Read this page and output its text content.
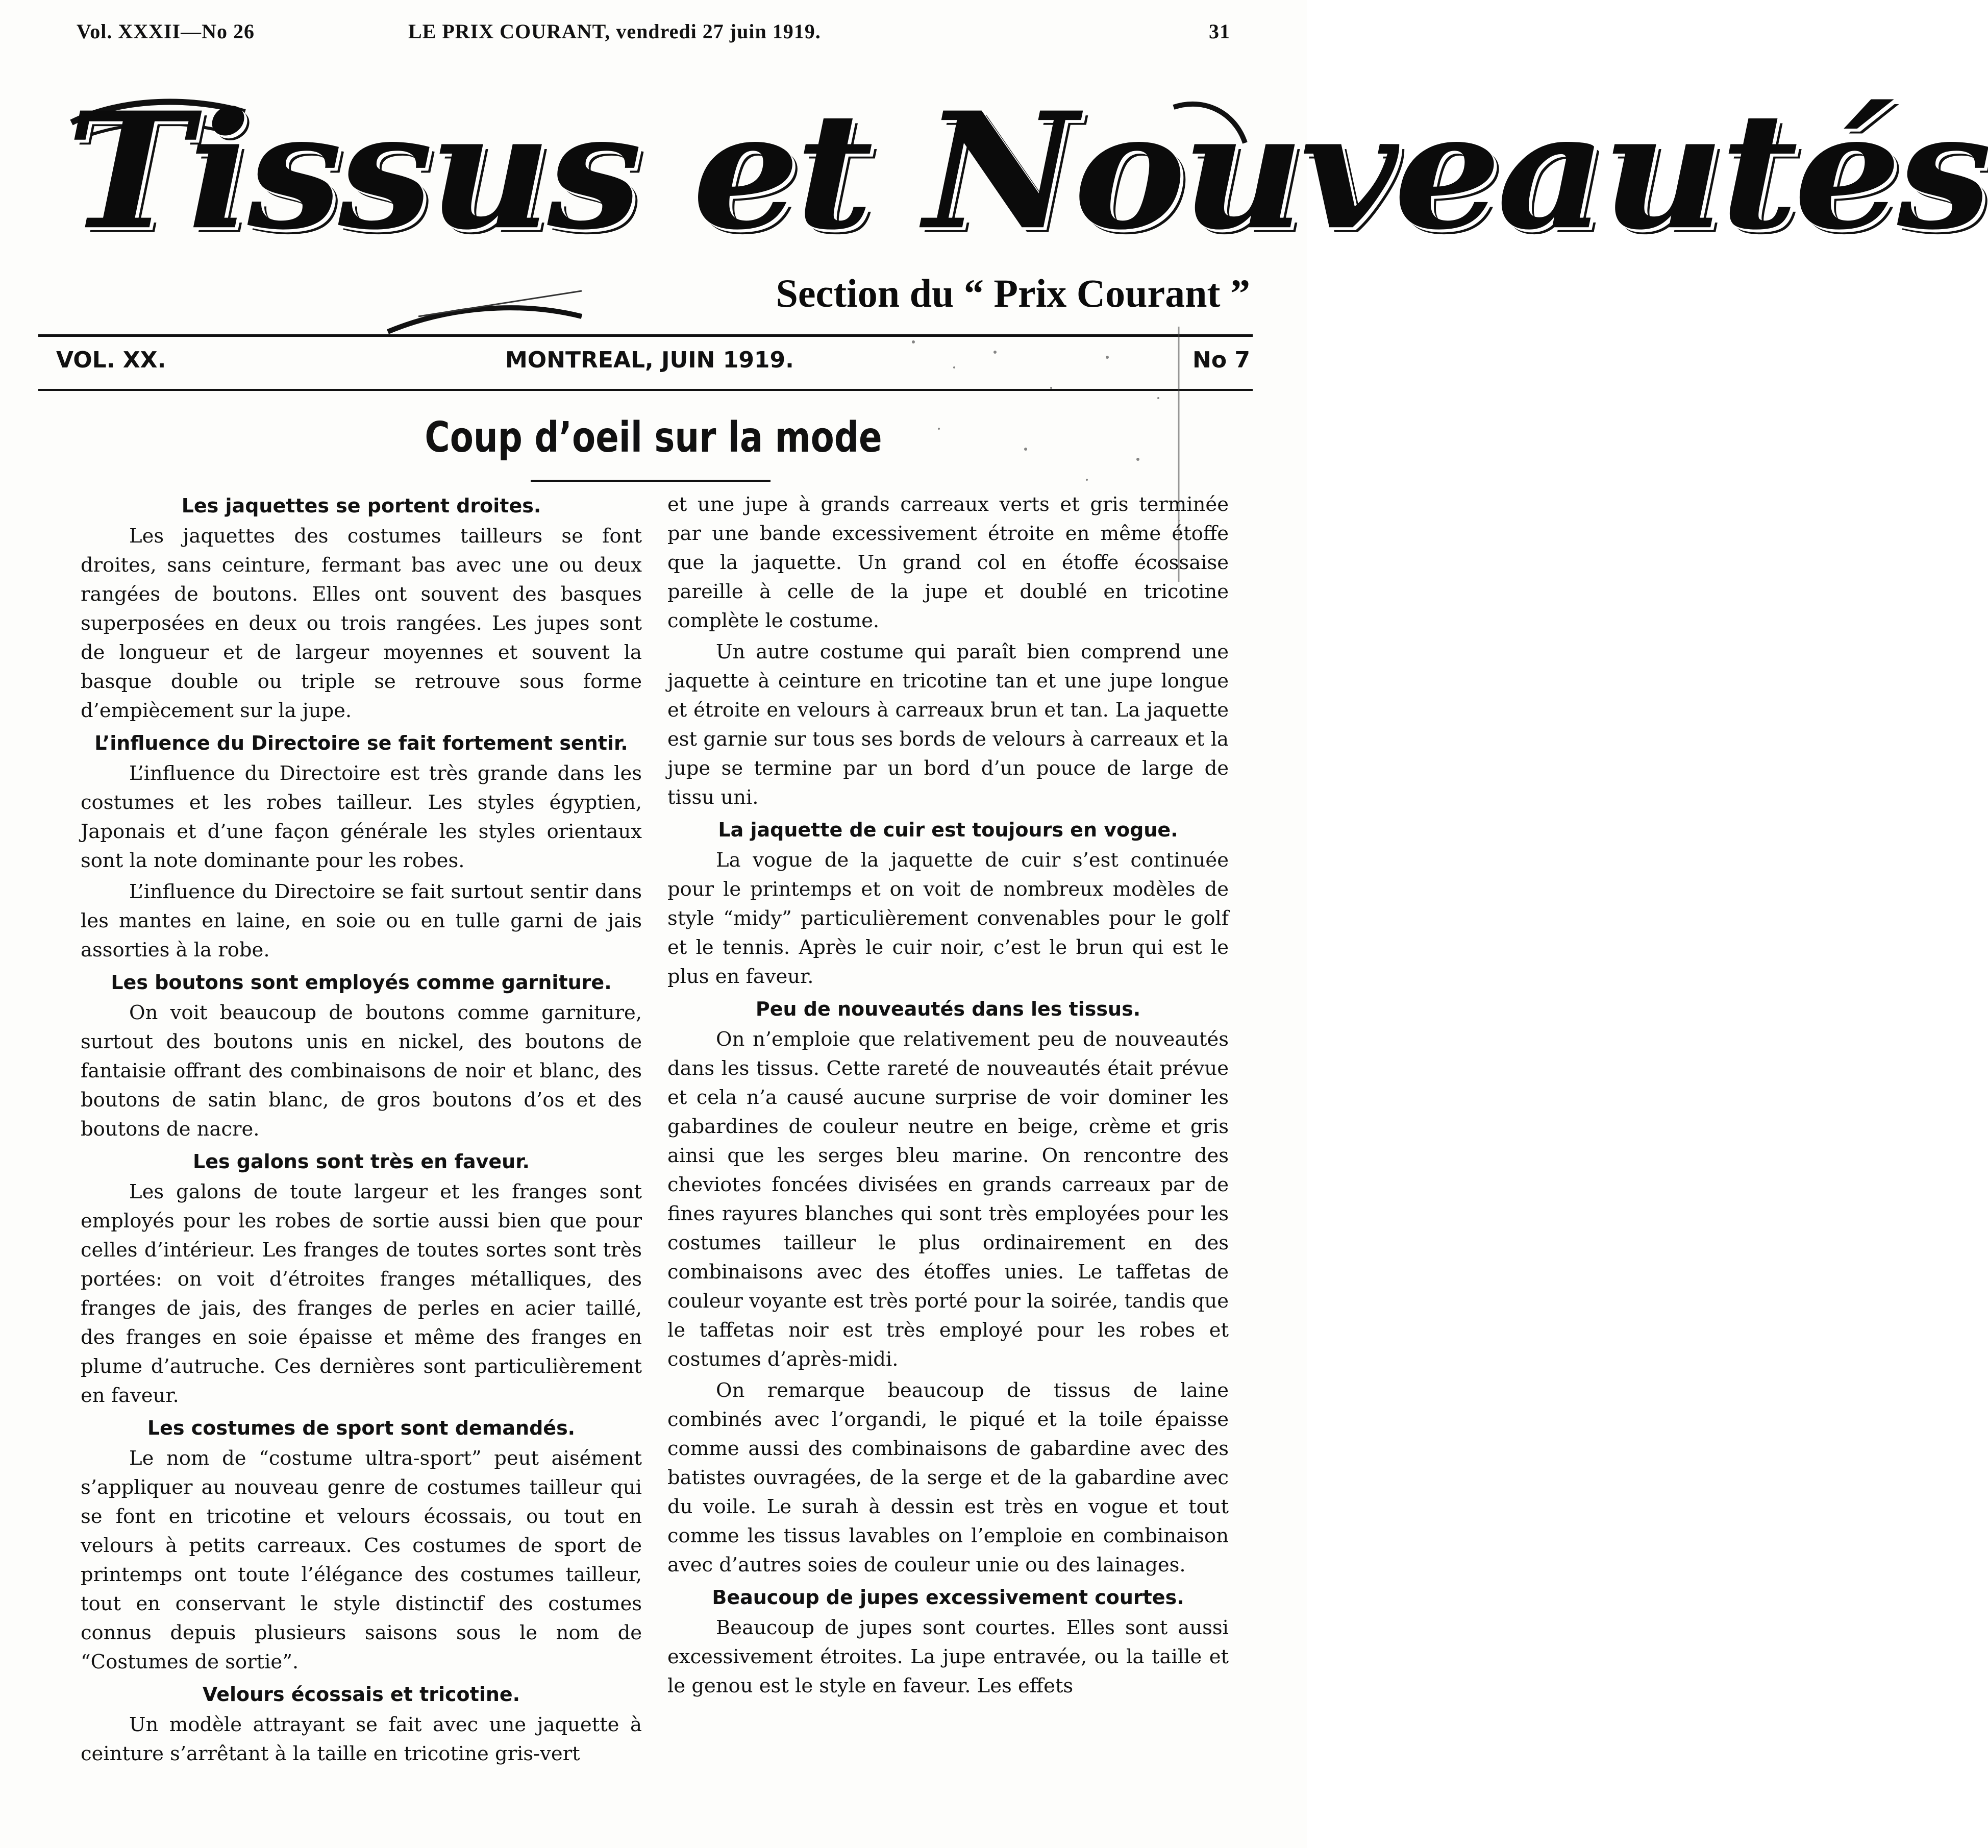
Vol. XXXII—No 26	LE PRIX COURANT, vendredi 27 juin 1919.	31
Tissus et Nouveautés
Section du “ Prix Courant ”
VOL. XX.	MONTREAL, JUIN 1919.	No 7
Coup d’oeil sur la mode
Les jaquettes se portent droites.

Les jaquettes des costumes tailleurs se font droites, sans ceinture, fermant bas avec une ou deux rangées de boutons. Elles ont souvent des basques superposées en deux ou trois rangées. Les jupes sont de longueur et de largeur moyennes et souvent la basque double ou triple se retrouve sous forme d’empiècement sur la jupe.

L’influence du Directoire se fait fortement sentir.

L’influence du Directoire est très grande dans les costumes et les robes tailleur. Les styles égyptien, Japonais et d’une façon générale les styles orientaux sont la note dominante pour les robes.

L’influence du Directoire se fait surtout sentir dans les mantes en laine, en soie ou en tulle garni de jais assorties à la robe.

Les boutons sont employés comme garniture.

On voit beaucoup de boutons comme garniture, surtout des boutons unis en nickel, des boutons de fantaisie offrant des combinaisons de noir et blanc, des boutons de satin blanc, de gros boutons d’os et des boutons de nacre.

Les galons sont très en faveur.

Les galons de toute largeur et les franges sont employés pour les robes de sortie aussi bien que pour celles d’intérieur. Les franges de toutes sortes sont très portées: on voit d’étroites franges métalliques, des franges de jais, des franges de perles en acier taillé, des franges en soie épaisse et même des franges en plume d’autruche. Ces dernières sont particulièrement en faveur.

Les costumes de sport sont demandés.

Le nom de “costume ultra-sport” peut aisément s’appliquer au nouveau genre de costumes tailleur qui se font en tricotine et velours écossais, ou tout en velours à petits carreaux. Ces costumes de sport de printemps ont toute l’élégance des costumes tailleur, tout en conservant le style distinctif des costumes connus depuis plusieurs saisons sous le nom de “Costumes de sortie”.

Velours écossais et tricotine.

Un modèle attrayant se fait avec une jaquette à ceinture s’arrêtant à la taille en tricotine gris-vert

et une jupe à grands carreaux verts et gris terminée par une bande excessivement étroite en même étoffe que la jaquette. Un grand col en étoffe écossaise pareille à celle de la jupe et doublé en tricotine complète le costume.

Un autre costume qui paraît bien comprend une jaquette à ceinture en tricotine tan et une jupe longue et étroite en velours à carreaux brun et tan. La jaquette est garnie sur tous ses bords de velours à carreaux et la jupe se termine par un bord d’un pouce de large de tissu uni.

La jaquette de cuir est toujours en vogue.

La vogue de la jaquette de cuir s’est continuée pour le printemps et on voit de nombreux modèles de style “midy” particulièrement convenables pour le golf et le tennis. Après le cuir noir, c’est le brun qui est le plus en faveur.

Peu de nouveautés dans les tissus.

On n’emploie que relativement peu de nouveautés dans les tissus. Cette rareté de nouveautés était prévue et cela n’a causé aucune surprise de voir dominer les gabardines de couleur neutre en beige, crème et gris ainsi que les serges bleu marine. On rencontre des cheviotes foncées divisées en grands carreaux par de fines rayures blanches qui sont très employées pour les costumes tailleur le plus ordinairement en des combinaisons avec des étoffes unies. Le taffetas de couleur voyante est très porté pour la soirée, tandis que le taffetas noir est très employé pour les robes et costumes d’après-midi.

On remarque beaucoup de tissus de laine combinés avec l’organdi, le piqué et la toile épaisse comme aussi des combinaisons de gabardine avec des batistes ouvragées, de la serge et de la gabardine avec du voile. Le surah à dessin est très en vogue et tout comme les tissus lavables on l’emploie en combinaison avec d’autres soies de couleur unie ou des lainages.

Beaucoup de jupes excessivement courtes.

Beaucoup de jupes sont courtes. Elles sont aussi excessivement étroites. La jupe entravée, ou la taille et le genou est le style en faveur. Les effets
